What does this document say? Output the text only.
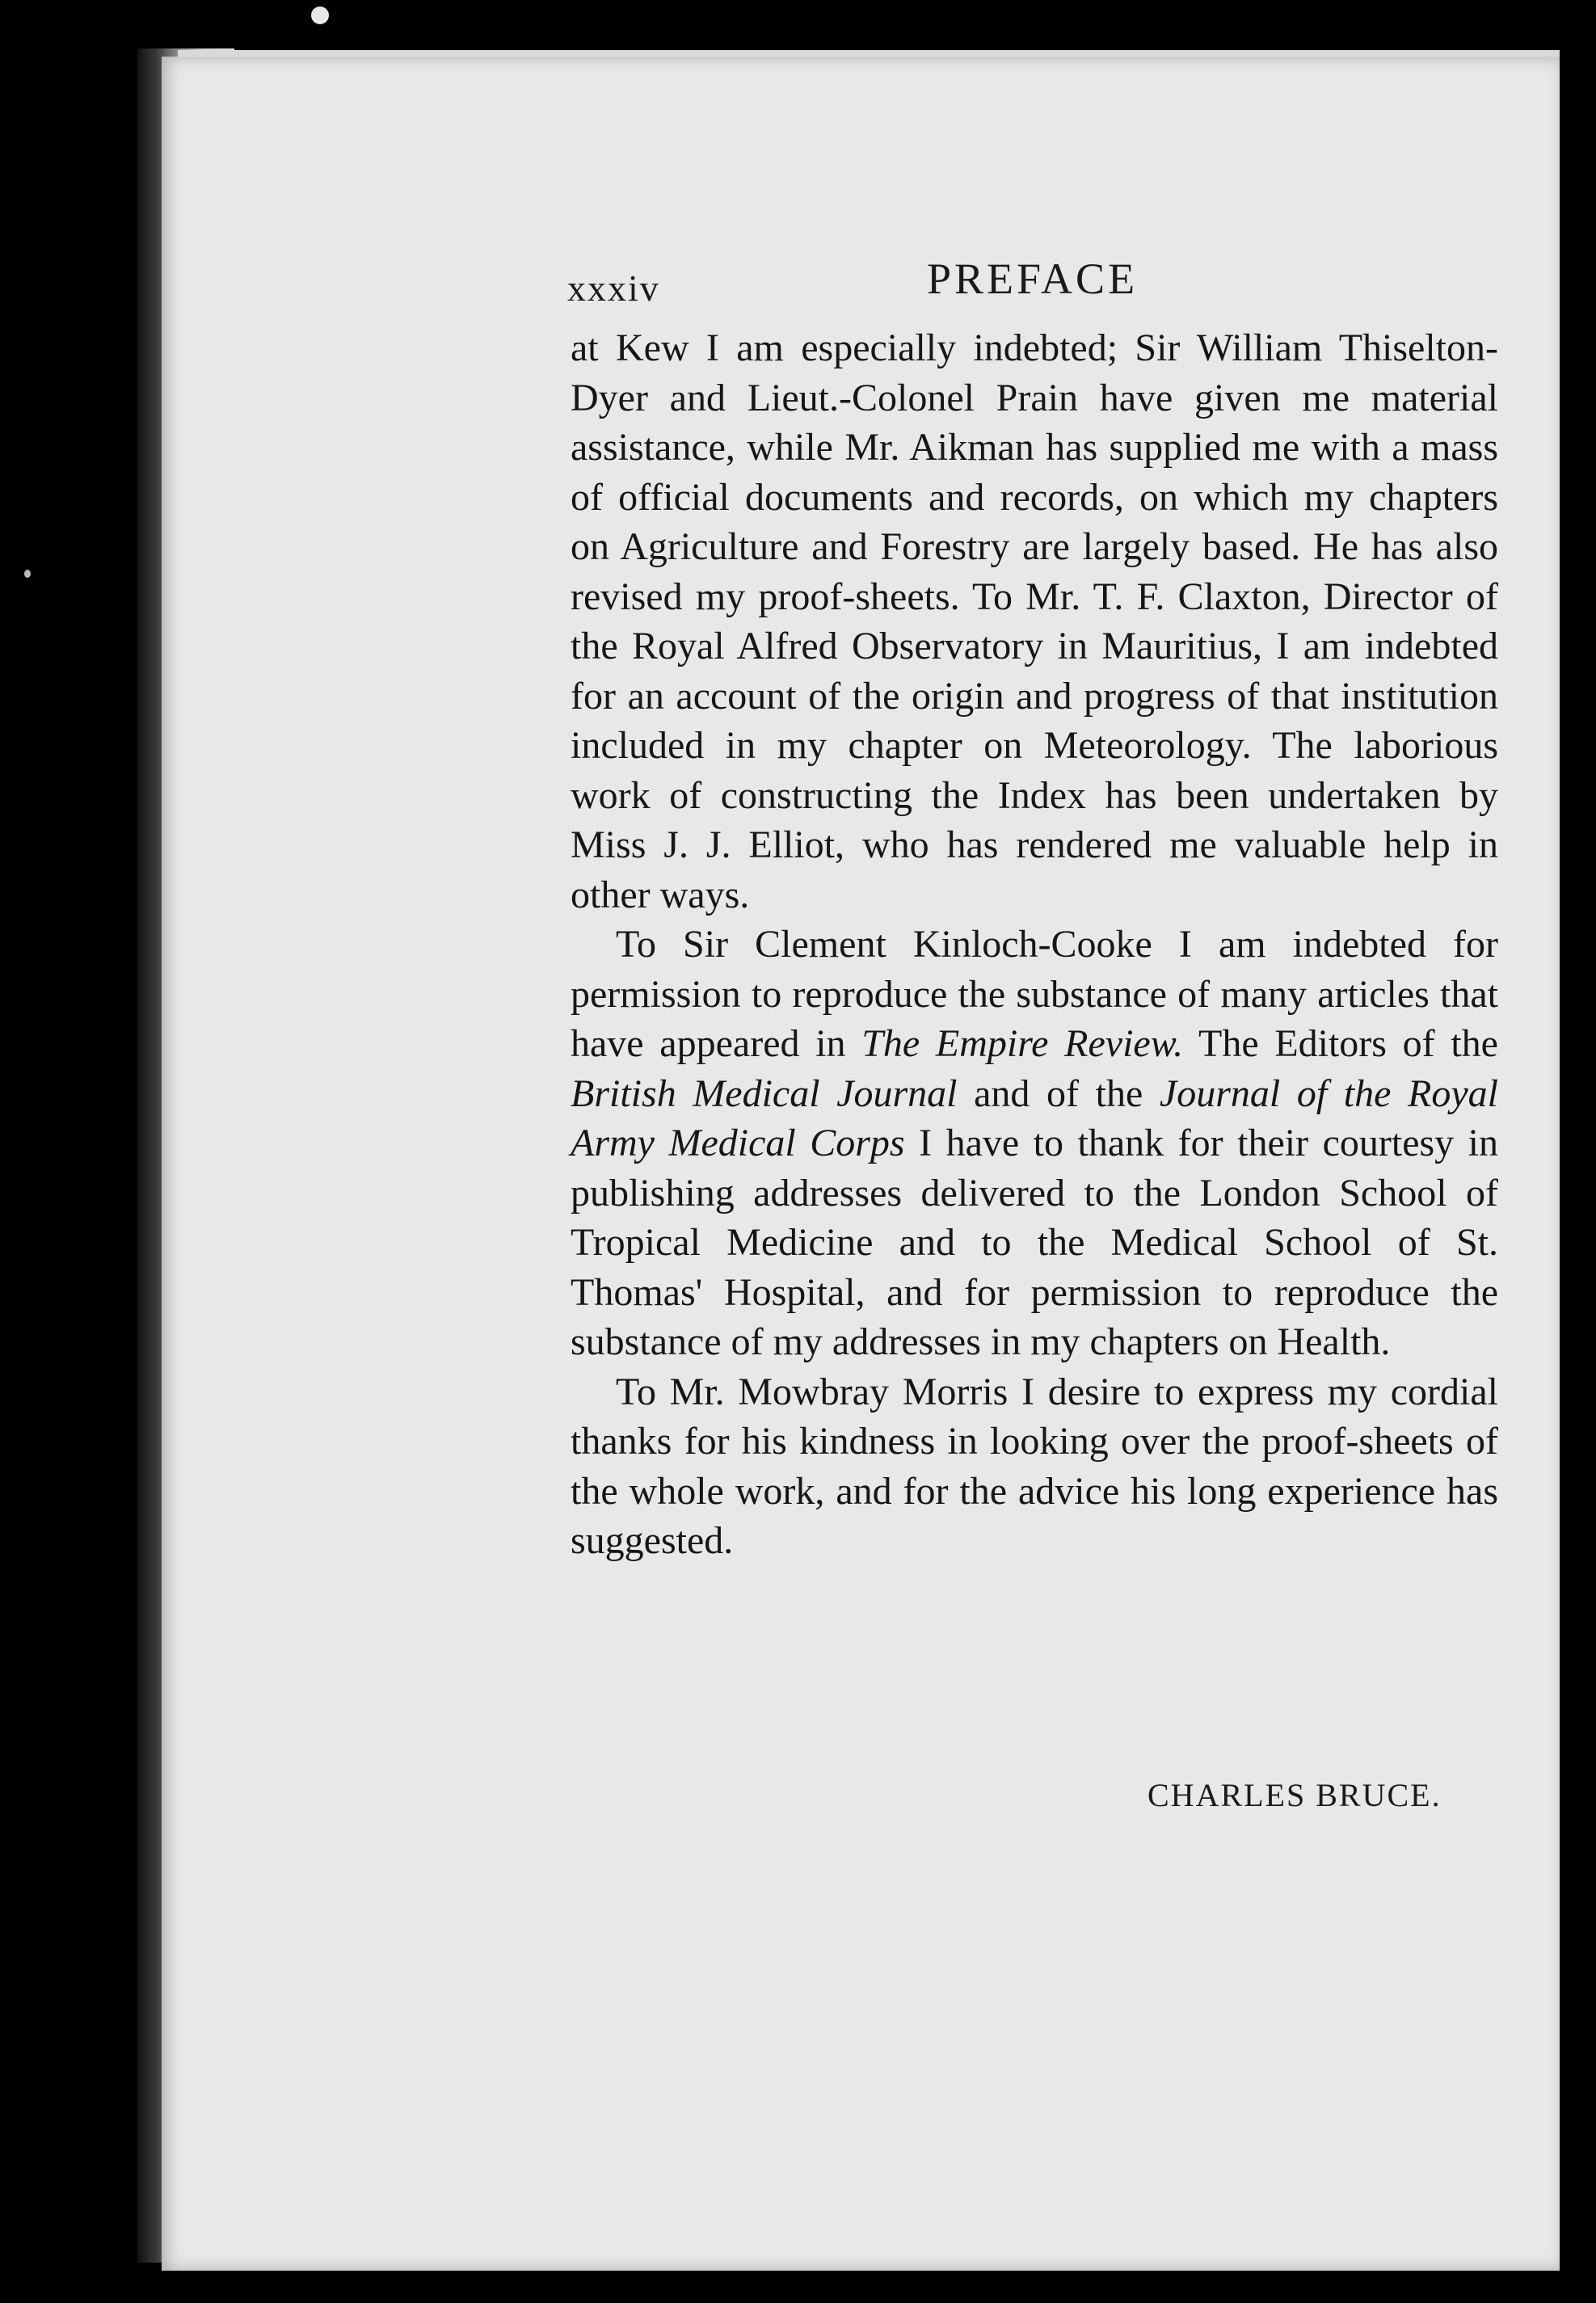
xxxiv	PREFACE

at Kew I am especially indebted; Sir William Thiselton-Dyer and Lieut.-Colonel Prain have given me material assistance, while Mr. Aikman has supplied me with a mass of official documents and records, on which my chapters on Agriculture and Forestry are largely based. He has also revised my proof-sheets. To Mr. T. F. Claxton, Director of the Royal Alfred Observatory in Mauritius, I am indebted for an account of the origin and progress of that institution included in my chapter on Meteorology. The laborious work of constructing the Index has been undertaken by Miss J. J. Elliot, who has rendered me valuable help in other ways.

To Sir Clement Kinloch-Cooke I am indebted for permission to reproduce the substance of many articles that have appeared in The Empire Review. The Editors of the British Medical Journal and of the Journal of the Royal Army Medical Corps I have to thank for their courtesy in publishing addresses delivered to the London School of Tropical Medicine and to the Medical School of St. Thomas' Hospital, and for permission to reproduce the substance of my addresses in my chapters on Health.

To Mr. Mowbray Morris I desire to express my cordial thanks for his kindness in looking over the proof-sheets of the whole work, and for the advice his long experience has suggested.

CHARLES BRUCE.
